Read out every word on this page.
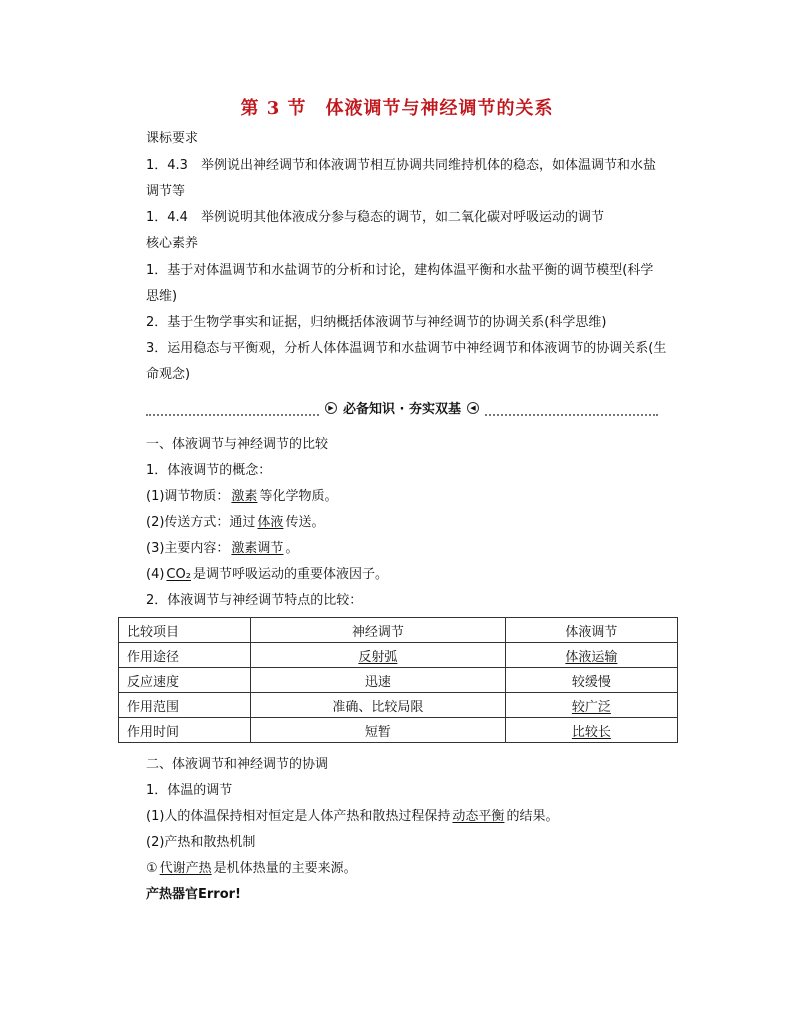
第 3 节　体液调节与神经调节的关系
课标要求
1．4.3　举例说出神经调节和体液调节相互协调共同维持机体的稳态，如体温调节和水盐
调节等
1．4.4　举例说明其他体液成分参与稳态的调节，如二氧化碳对呼吸运动的调节
核心素养
1．基于对体温调节和水盐调节的分析和讨论，建构体温平衡和水盐平衡的调节模型(科学
思维)
2．基于生物学事实和证据，归纳概括体液调节与神经调节的协调关系(科学思维)
3．运用稳态与平衡观，分析人体体温调节和水盐调节中神经调节和体液调节的协调关系(生
命观念)
▶ 必备知识 · 夯实双基	◀
一、体液调节与神经调节的比较
1．体液调节的概念：
(1)调节物质： 激素 等化学物质。
(2)传送方式：通过 体液 传送。
(3)主要内容： 激素调节 。
(4) CO₂ 是调节呼吸运动的重要体液因子。
2．体液调节与神经调节特点的比较：
比较项目	神经调节	体液调节
作用途径	反射弧	体液运输
反应速度	迅速	较缓慢
作用范围	准确、比较局限	较广泛
作用时间	短暂	比较长
二、体液调节和神经调节的协调
1．体温的调节
(1)人的体温保持相对恒定是人体产热和散热过程保持 动态平衡 的结果。
(2)产热和散热机制
① 代谢产热 是机体热量的主要来源。
产热器官Error!
